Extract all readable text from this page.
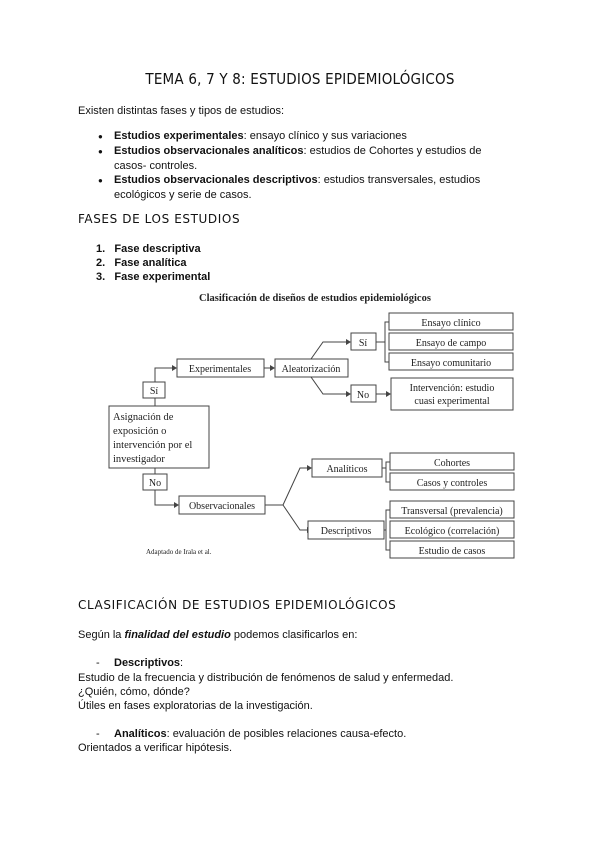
TEMA 6, 7 Y 8: ESTUDIOS EPIDEMIOLÓGICOS
Existen distintas fases y tipos de estudios:
● Estudios experimentales: ensayo clínico y sus variaciones
● Estudios observacionales analíticos: estudios de Cohortes y estudios de casos- controles.
● Estudios observacionales descriptivos: estudios transversales, estudios ecológicos y serie de casos.
FASES DE LOS ESTUDIOS
1. Fase descriptiva
2. Fase analítica
3. Fase experimental
Clasificación de diseños de estudios epidemiológicos
Asignación de
exposición o
intervención por el
investigador
Sí
Experimentales	Aleatorización
Sí
No
Ensayo clínico
Ensayo de campo
Ensayo comunitario
Intervención: estudio
cuasi experimental
No
Observacionales
Analíticos
Descriptivos
Cohortes
Casos y controles
Transversal (prevalencia)
Ecológico (correlación)
Estudio de casos
Adaptado de Irala et al.
CLASIFICACIÓN DE ESTUDIOS EPIDEMIOLÓGICOS
Según la finalidad del estudio podemos clasificarlos en:
- Descriptivos:
Estudio de la frecuencia y distribución de fenómenos de salud y enfermedad.
¿Quién, cómo, dónde?
Útiles en fases exploratorias de la investigación.
- Analíticos: evaluación de posibles relaciones causa-efecto.
Orientados a verificar hipótesis.
